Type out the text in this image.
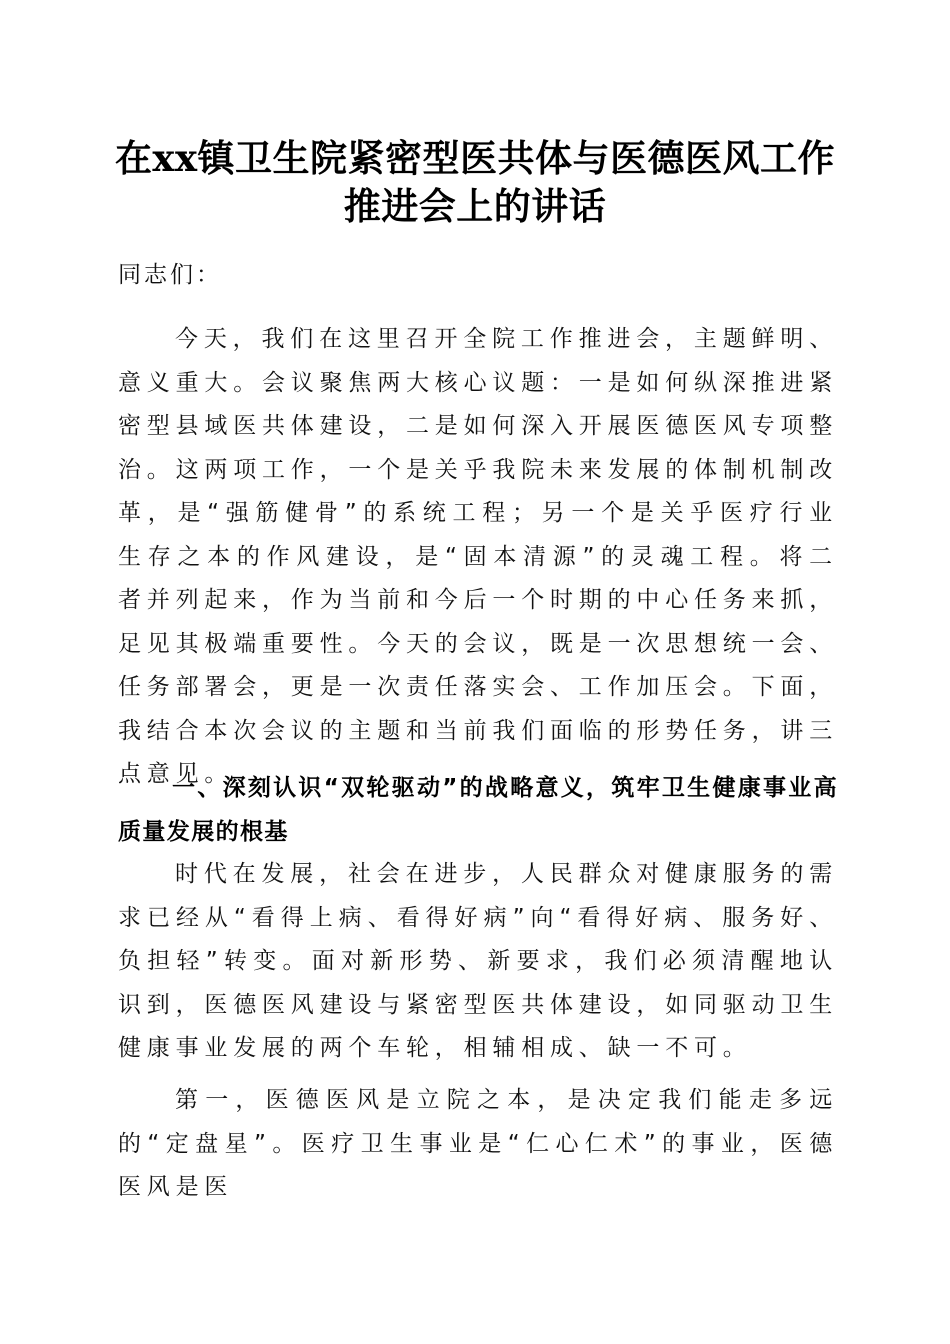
在xx镇卫生院紧密型医共体与医德医风工作
推进会上的讲话

同志们：

今天，我们在这里召开全院工作推进会，主题鲜明、意义重大。会议聚焦两大核心议题：一是如何纵深推进紧密型县域医共体建设，二是如何深入开展医德医风专项整治。这两项工作，一个是关乎我院未来发展的体制机制改革，是“强筋健骨”的系统工程；另一个是关乎医疗行业生存之本的作风建设，是“固本清源”的灵魂工程。将二者并列起来，作为当前和今后一个时期的中心任务来抓，足见其极端重要性。今天的会议，既是一次思想统一会、任务部署会，更是一次责任落实会、工作加压会。下面，我结合本次会议的主题和当前我们面临的形势任务，讲三点意见。

一、深刻认识“双轮驱动”的战略意义，筑牢卫生健康事业高质量发展的根基

时代在发展，社会在进步，人民群众对健康服务的需求已经从“看得上病、看得好病”向“看得好病、服务好、负担轻”转变。面对新形势、新要求，我们必须清醒地认识到，医德医风建设与紧密型医共体建设，如同驱动卫生健康事业发展的两个车轮，相辅相成、缺一不可。

第一，医德医风是立院之本，是决定我们能走多远的“定盘星”。医疗卫生事业是“仁心仁术”的事业，医德医风是医
